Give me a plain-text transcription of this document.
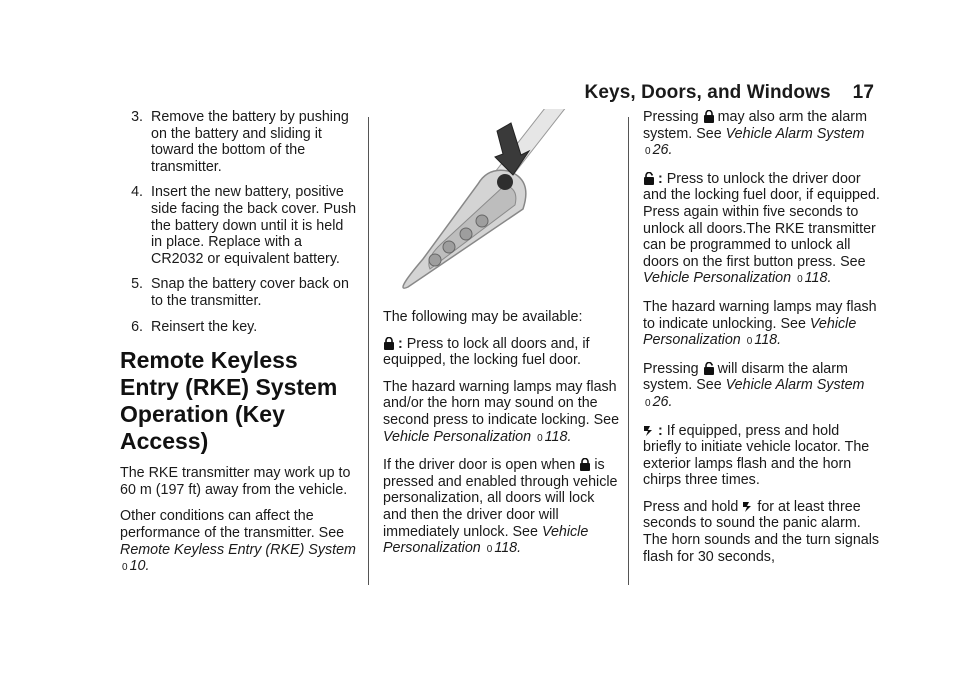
Keys, Doors, and Windows 17
3. Remove the battery by pushing on the battery and sliding it toward the bottom of the transmitter.
4. Insert the new battery, positive side facing the back cover. Push the battery down until it is held in place. Replace with a CR2032 or equivalent battery.
5. Snap the battery cover back on to the transmitter.
6. Reinsert the key.
Remote Keyless Entry (RKE) System Operation (Key Access)

The RKE transmitter may work up to 60 m (197 ft) away from the vehicle.

Other conditions can affect the performance of the transmitter. See Remote Keyless Entry (RKE) System 0 10.

The following may be available:

: Press to lock all doors and, if equipped, the locking fuel door.

The hazard warning lamps may flash and/or the horn may sound on the second press to indicate locking. See Vehicle Personalization 0 118.

If the driver door is open when is pressed and enabled through vehicle personalization, all doors will lock and then the driver door will immediately unlock. See Vehicle Personalization 0 118.

Pressing may also arm the alarm system. See Vehicle Alarm System 0 26.

: Press to unlock the driver door and the locking fuel door, if equipped. Press again within five seconds to unlock all doors.The RKE transmitter can be programmed to unlock all doors on the first button press. See Vehicle Personalization 0 118.

The hazard warning lamps may flash to indicate unlocking. See Vehicle Personalization 0 118.

Pressing will disarm the alarm system. See Vehicle Alarm System 0 26.

: If equipped, press and hold briefly to initiate vehicle locator. The exterior lamps flash and the horn chirps three times.

Press and hold for at least three seconds to sound the panic alarm. The horn sounds and the turn signals flash for 30 seconds,
